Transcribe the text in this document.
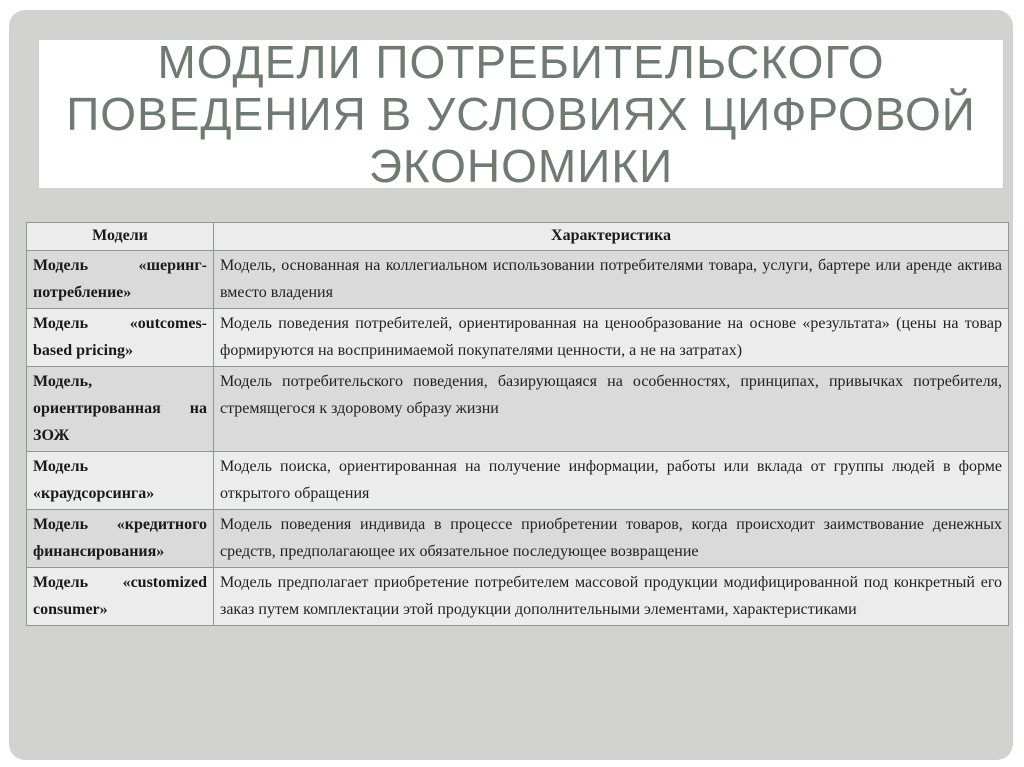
МОДЕЛИ ПОТРЕБИТЕЛЬСКОГО ПОВЕДЕНИЯ В УСЛОВИЯХ ЦИФРОВОЙ ЭКОНОМИКИ
Модели	Характеристика
Модель «шеринг-потребление»	Модель, основанная на коллегиальном использовании потребителями товара, услуги, бартере или аренде актива вместо владения
Модель «outcomes-based pricing»	Модель поведения потребителей, ориентированная на ценообразование на основе «результата» (цены на товар формируются на воспринимаемой покупателями ценности, а не на затратах)
Модель, ориентированная на ЗОЖ	Модель потребительского поведения, базирующаяся на особенностях, принципах, привычках потребителя, стремящегося к здоровому образу жизни
Модель «краудсорсинга»	Модель поиска, ориентированная на получение информации, работы или вклада от группы людей в форме открытого обращения
Модель «кредитного финансирования»	Модель поведения индивида в процессе приобретении товаров, когда происходит заимствование денежных средств, предполагающее их обязательное последующее возвращение
Модель «customized consumer»	Модель предполагает приобретение потребителем массовой продукции модифицированной под конкретный его заказ путем комплектации этой продукции дополнительными элементами, характеристиками
